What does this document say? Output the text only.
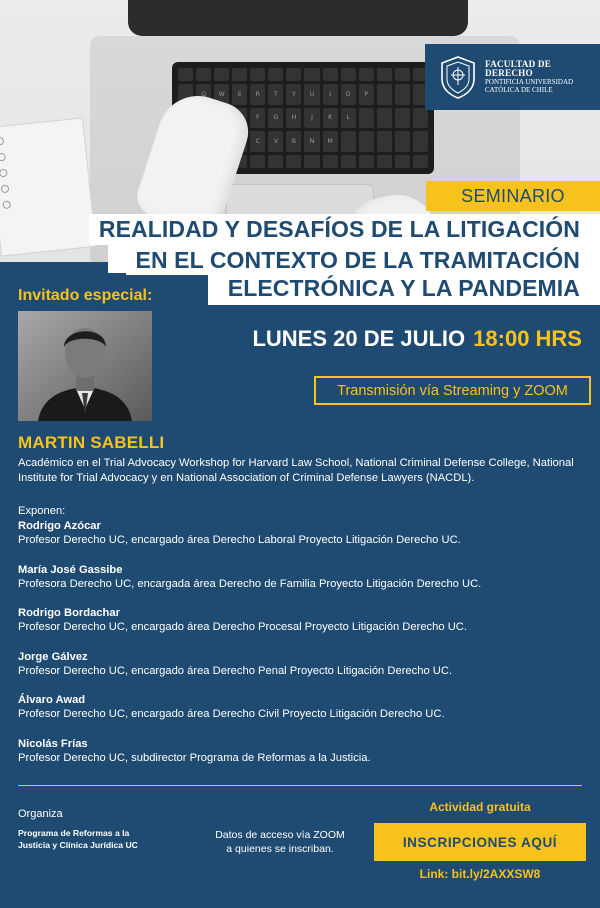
Q	W	E	R	T	Y	U	I	O	P
F	G	H	J	K	L
C	V	B	N	M
FACULTAD DE DERECHO
PONTIFICIA UNIVERSIDAD
CATÓLICA DE CHILE
SEMINARIO
REALIDAD Y DESAFÍOS DE LA LITIGACIÓN
EN EL CONTEXTO DE LA TRAMITACIÓN
ELECTRÓNICA Y LA PANDEMIA
Invitado especial:
LUNES 20 DE JULIO 18:00 HRS
Transmisión vía Streaming y ZOOM
MARTIN SABELLI
Académico en el Trial Advocacy Workshop for Harvard Law School, National Criminal Defense College, National Institute for Trial Advocacy y en National Association of Criminal Defense Lawyers (NACDL).
Exponen:
Rodrigo Azócar
Profesor Derecho UC, encargado área Derecho Laboral Proyecto Litigación Derecho UC.
María José Gassibe
Profesora Derecho UC, encargada área Derecho de Familia Proyecto Litigación Derecho UC.
Rodrigo Bordachar
Profesor Derecho UC, encargado área Derecho Procesal Proyecto Litigación Derecho UC.
Jorge Gálvez
Profesor Derecho UC, encargado área Derecho Penal Proyecto Litigación Derecho UC.
Álvaro Awad
Profesor Derecho UC, encargado área Derecho Civil Proyecto Litigación Derecho UC.
Nicolás Frías
Profesor Derecho UC, subdirector Programa de Reformas a la Justicia.
Organiza
Programa de Reformas a la
Justicia y Clínica Jurídica UC
Datos de acceso vía ZOOM
a quienes se inscriban.
Actividad gratuita
INSCRIPCIONES AQUÍ
Link: bit.ly/2AXXSW8
